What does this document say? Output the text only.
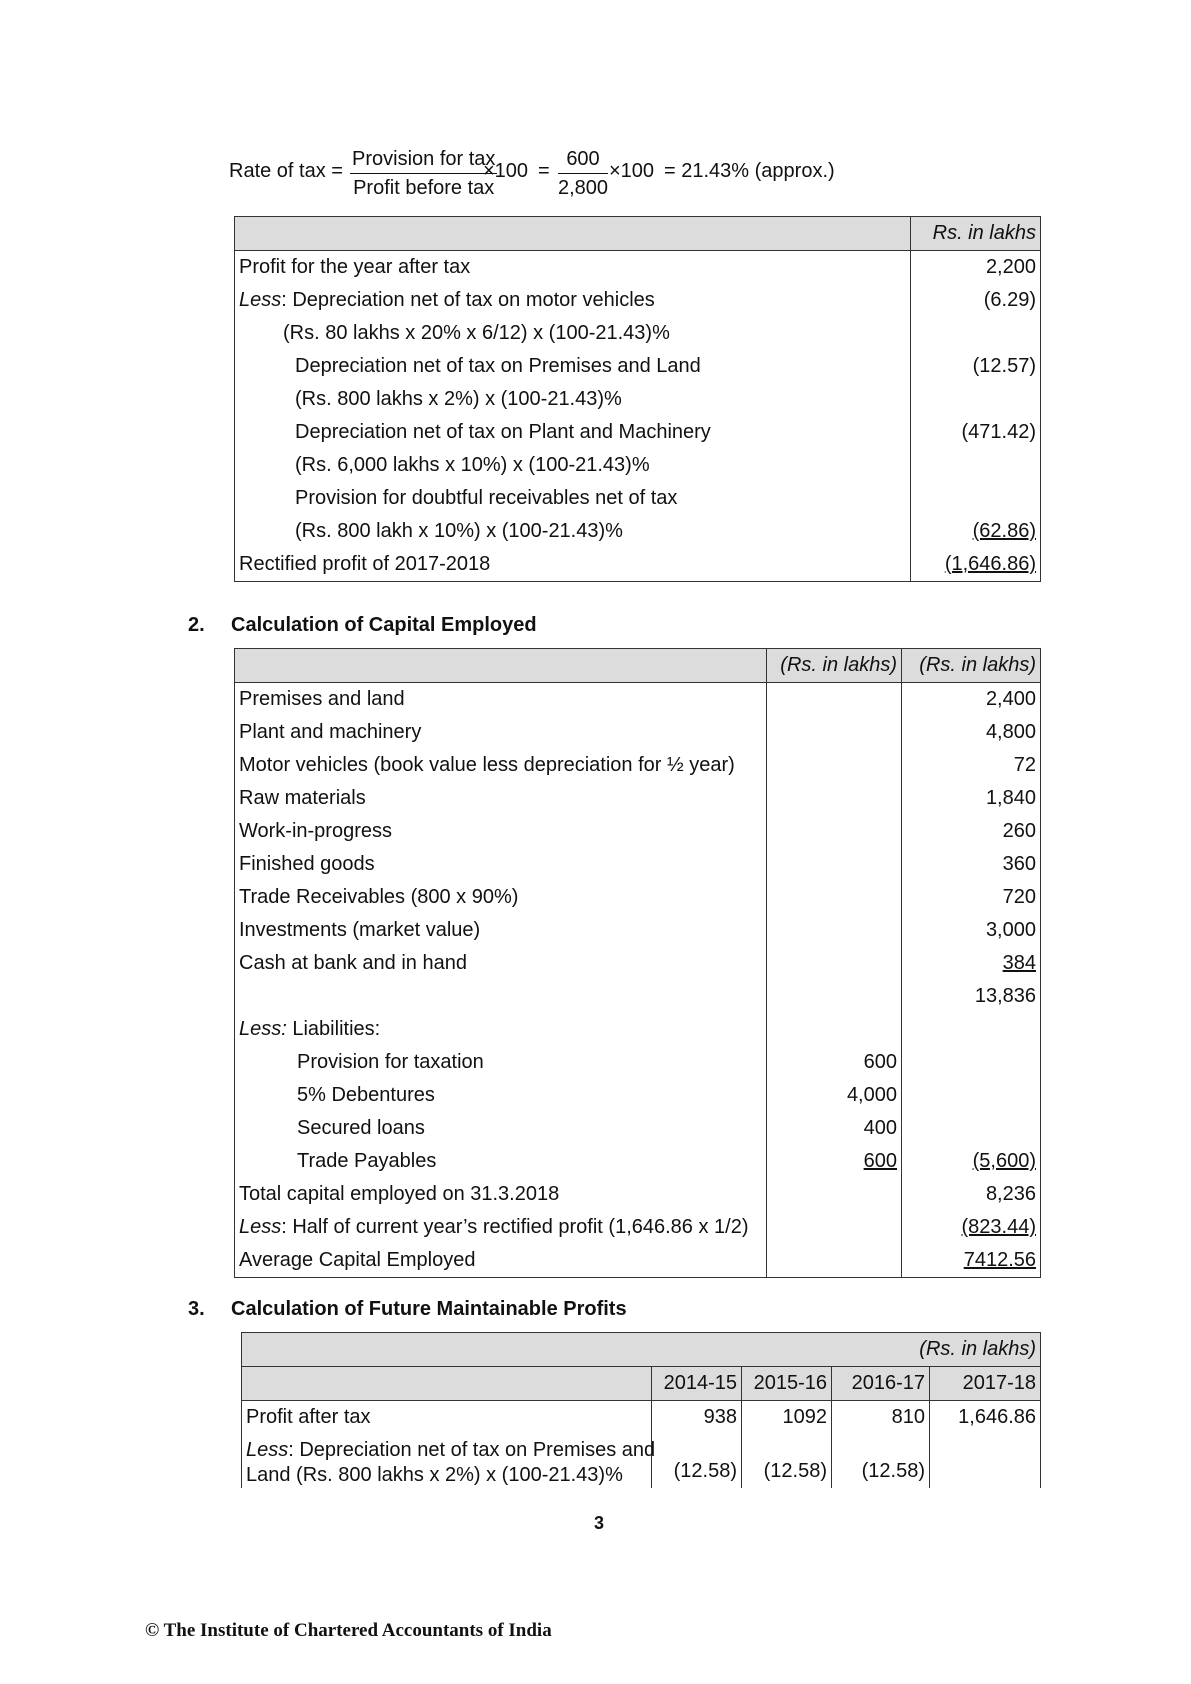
Rate of tax =
Provision for tax
Profit before tax
$\times 100 = \frac{600}{2,800} \times 100 = 21.43\%$ (approx.)
	Rs. in lakhs
Profit for the year after tax	2,200
Less: Depreciation net of tax on motor vehicles	(6.29)
(Rs. 80 lakhs x 20% x 6/12) x (100-21.43)%	
Depreciation net of tax on Premises and Land	(12.57)
(Rs. 800 lakhs x 2%) x (100-21.43)%	
Depreciation net of tax on Plant and Machinery	(471.42)
(Rs. 6,000 lakhs x 10%) x (100-21.43)%	
Provision for doubtful receivables net of tax	
(Rs. 800 lakh x 10%) x (100-21.43)%	(62.86)
Rectified profit of 2017-2018	(1,646.86)
2. Calculation of Capital Employed
	(Rs. in lakhs)	(Rs. in lakhs)
Premises and land		2,400
Plant and machinery		4,800
Motor vehicles (book value less depreciation for ½ year)		72
Raw materials		1,840
Work-in-progress		260
Finished goods		360
Trade Receivables (800 x 90%)		720
Investments (market value)		3,000
Cash at bank and in hand		384
		13,836
Less: Liabilities:		
Provision for taxation	600	
5% Debentures	4,000	
Secured loans	400	
Trade Payables	600	(5,600)
Total capital employed on 31.3.2018		8,236
Less: Half of current year’s rectified profit (1,646.86 x 1/2)		(823.44)
Average Capital Employed		7412.56
3. Calculation of Future Maintainable Profits
(Rs. in lakhs)				
	2014-15	2015-16	2016-17	2017-18
Profit after tax	938	1092	810	1,646.86
Less: Depreciation net of tax on Premises and
Land (Rs. 800 lakhs x 2%) x (100-21.43)%	(12.58)	(12.58)	(12.58)	
3
© The Institute of Chartered Accountants of India
